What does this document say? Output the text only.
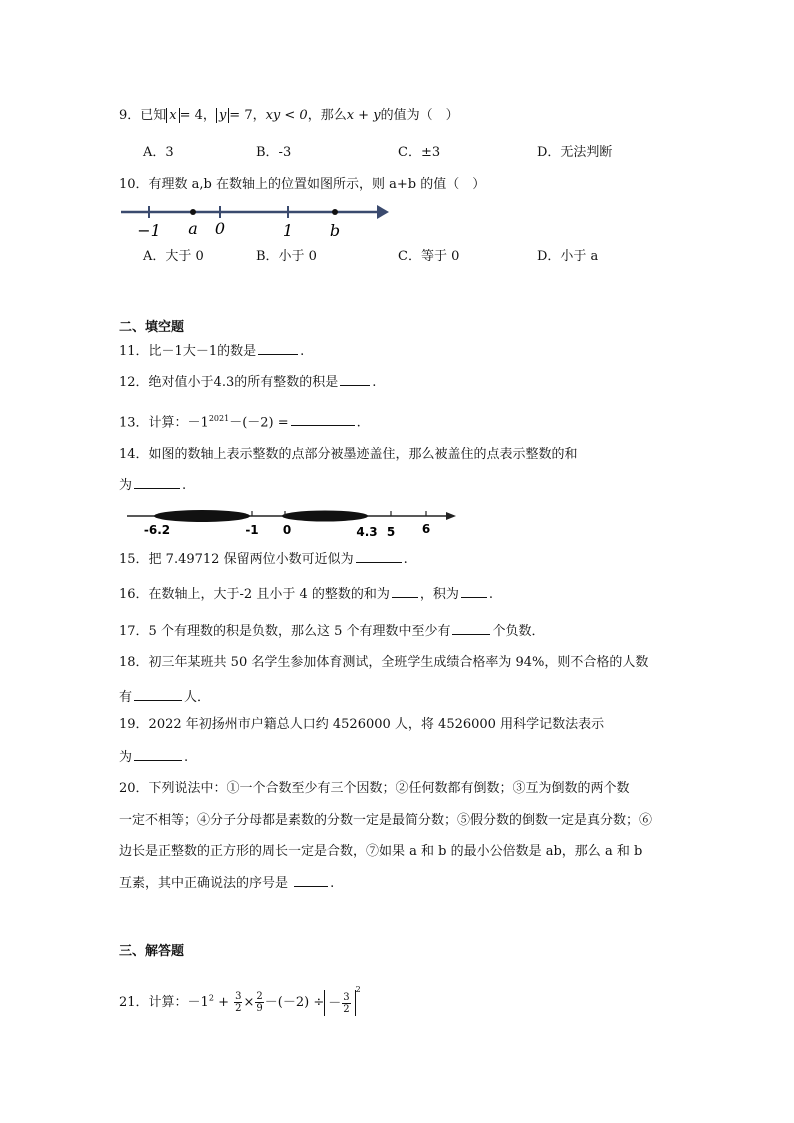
9．已知 x = 4， y = 7，xy < 0，那么x + y的值为（　）
A．3	B．-3	C．±3	D．无法判断
10．有理数 a,b 在数轴上的位置如图所示，则 a+b 的值（　）
−1 a 0	1 b
A．大于 0	B．小于 0	C．等于 0	D．小于 a
二、填空题
11．比－1大－1的数是	.
12．绝对值小于4.3的所有整数的积是	.
13．计算：$-1^{2021}-(-2)$ =	.
14．如图的数轴上表示整数的点部分被墨迹盖住，那么被盖住的点表示整数的和
为	.
-6.2	-1 0	4.3 5 6
15．把 7.49712 保留两位小数可近似为	.
16．在数轴上，大于-2 且小于 4 的整数的和为 ，积为 .
17．5 个有理数的积是负数，那么这 5 个有理数中至少有	个负数．
18．初三年某班共 50 名学生参加体育测试，全班学生成绩合格率为 94%，则不合格的人数
有	人．
19．2022 年初扬州市户籍总人口约 4526000 人，将 4526000 用科学记数法表示
为	.
20．下列说法中：①一个合数至少有三个因数；②任何数都有倒数；③互为倒数的两个数
一定不相等；④分子分母都是素数的分数一定是最简分数；⑤假分数的倒数一定是真分数；⑥
边长是正整数的正方形的周长一定是合数，⑦如果 a 和 b 的最小公倍数是 ab，那么 a 和 b
互素，其中正确说法的序号是	.
三、解答题
21．计算：$-1^2 + \frac{3}{2} \times \frac{2}{9} -(-2)$ ÷ － $\frac{3}{2}$
$^2$
